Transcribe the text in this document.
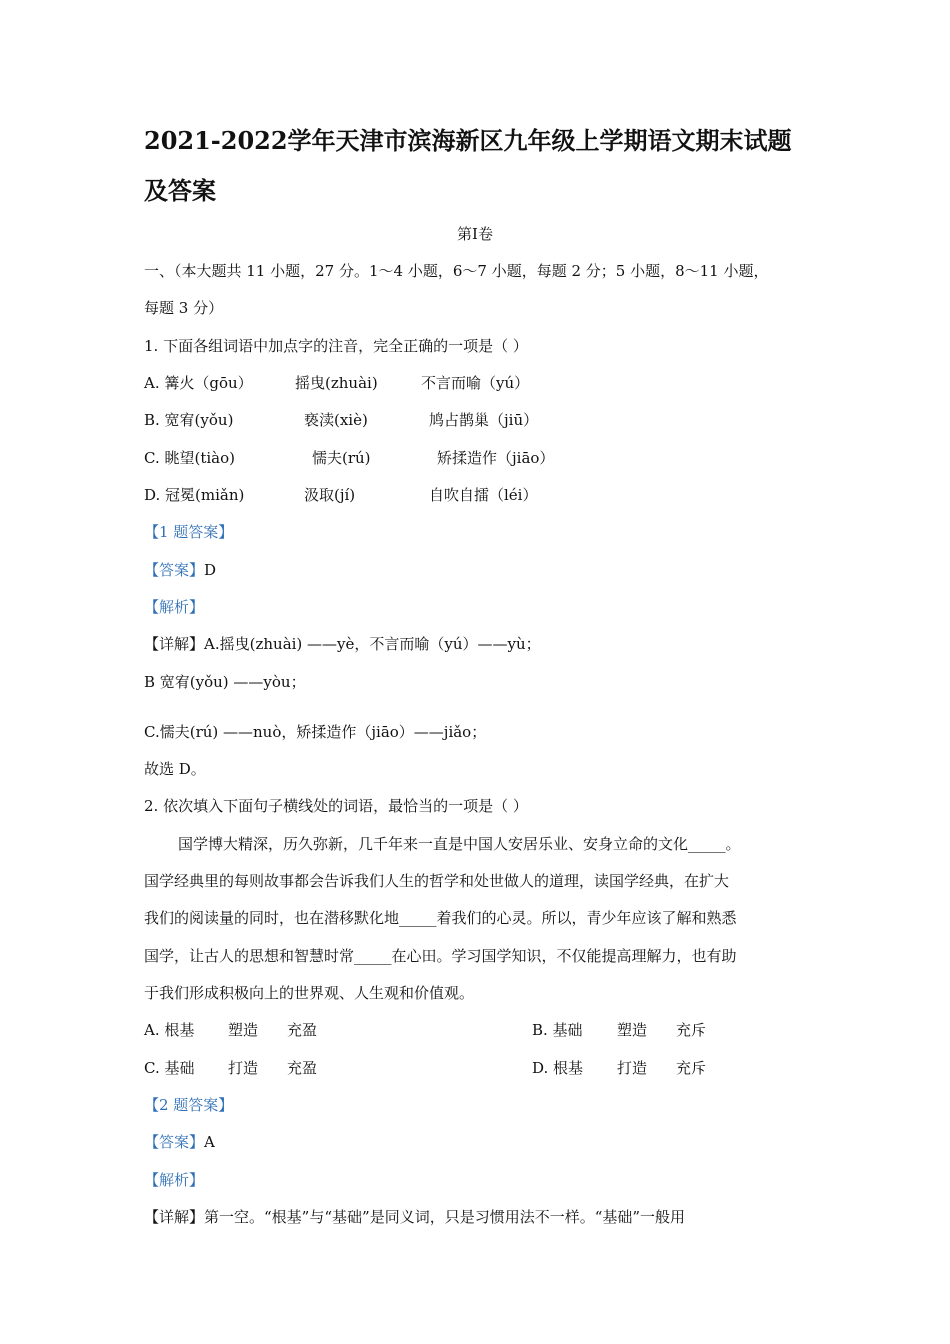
2021-2022学年天津市滨海新区九年级上学期语文期末试题
及答案
第Ⅰ卷
一、（本大题共 11 小题，27 分。1～4 小题，6～7 小题，每题 2 分；5 小题，8～11 小题，
每题 3 分）
1. 下面各组词语中加点字的注音，完全正确的一项是（ ）
A. 篝火（gōu）	摇曳(zhuài)	不言而喻（yú）
B. 宽宥(yǒu)	亵渎(xiè)	鸠占鹊巢（jiū）
C. 眺望(tiào)	懦夫(rú)	矫揉造作（jiāo）
D. 冠冕(miǎn)	汲取(jí)	自吹自擂（léi）
【1 题答案】
【答案】D
【解析】
【详解】A.摇曳(zhuài) ——yè，不言而喻（yú）——yù；
B 宽宥(yǒu) ——yòu；
C.懦夫(rú) ——nuò，矫揉造作（jiāo）——jiǎo；
故选 D。
2. 依次填入下面句子横线处的词语，最恰当的一项是（ ）
国学博大精深，历久弥新，几千年来一直是中国人安居乐业、安身立命的文化_____。
国学经典里的每则故事都会告诉我们人生的哲学和处世做人的道理，读国学经典，在扩大
我们的阅读量的同时，也在潜移默化地_____着我们的心灵。所以，青少年应该了解和熟悉
国学，让古人的思想和智慧时常_____在心田。学习国学知识，不仅能提高理解力，也有助
于我们形成积极向上的世界观、人生观和价值观。
A. 根基 塑造 充盈	B. 基础 塑造 充斥
C. 基础 打造 充盈	D. 根基 打造 充斥
【2 题答案】
【答案】A
【解析】
【详解】第一空。“根基”与“基础”是同义词，只是习惯用法不一样。“基础”一般用
